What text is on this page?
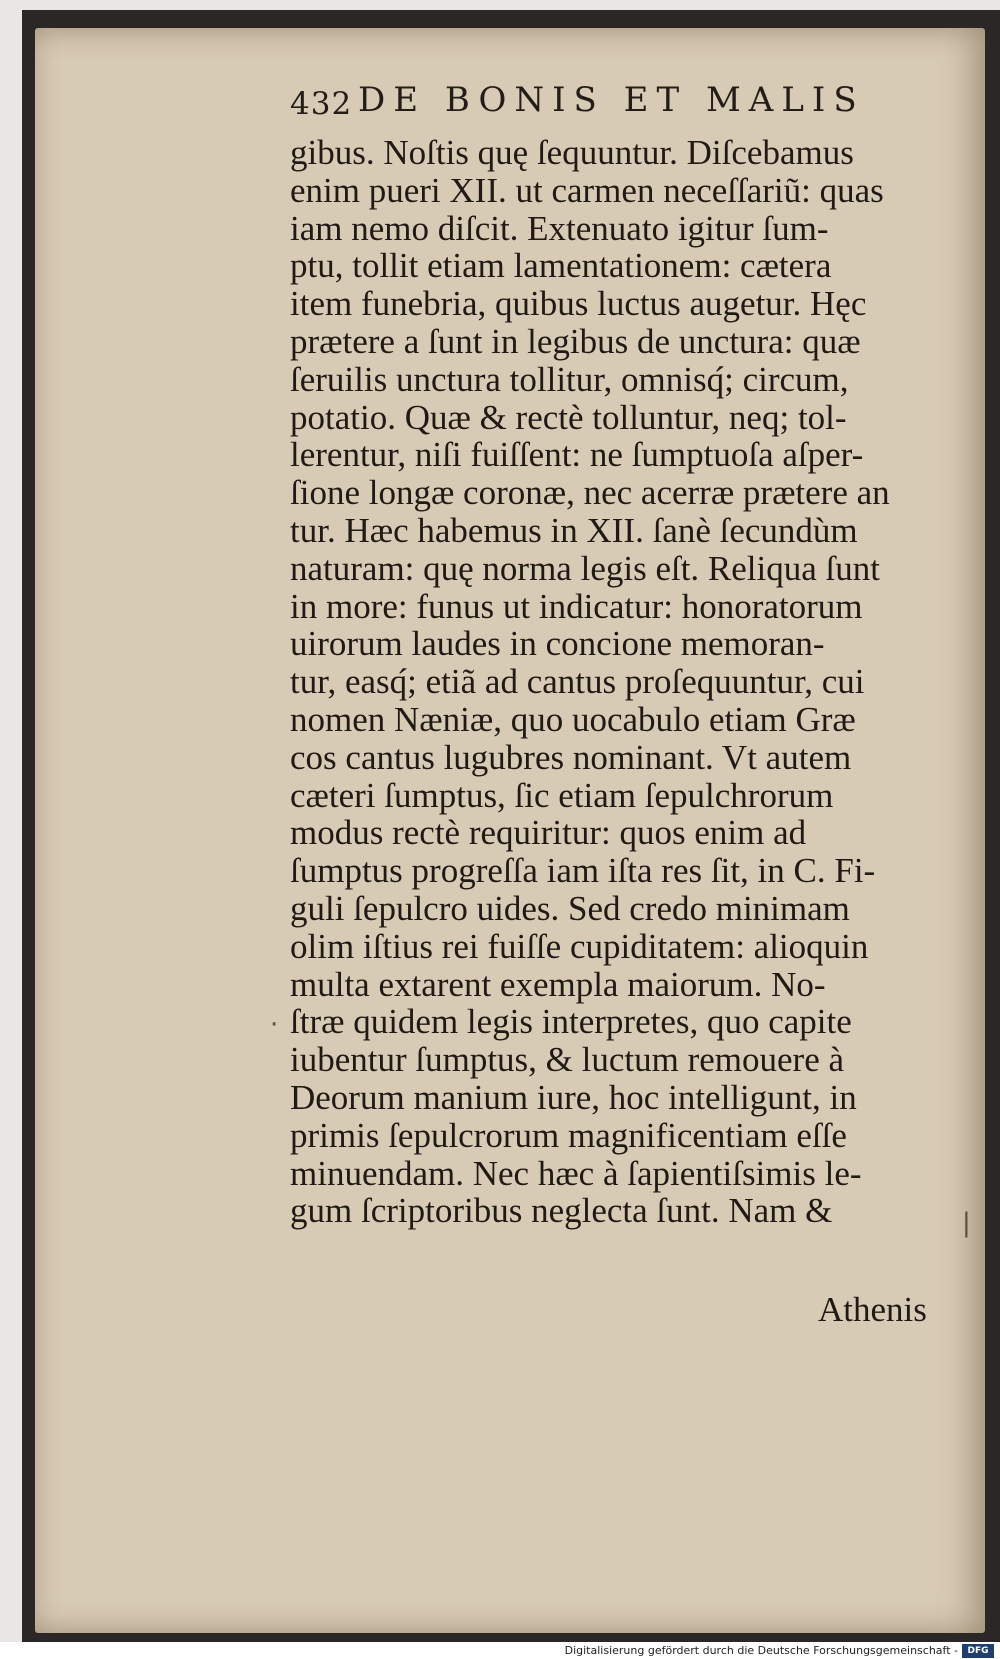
432 DE BONIS ET MALIS
gibus. Noſtis quę ſequuntur. Diſcebamus
enim pueri XII. ut carmen neceſſariũ: quas
iam nemo diſcit. Extenuato igitur ſum-
ptu, tollit etiam lamentationem: cætera
item funebria, quibus luctus augetur. Hęc
prætere a ſunt in legibus de unctura: quæ
ſeruilis unctura tollitur, omnisq́; circum,
potatio. Quæ & rectè tolluntur, neq; tol-
lerentur, niſi fuiſſent: ne ſumptuoſa aſper-
ſione longæ coronæ, nec acerræ prætere an
tur. Hæc habemus in XII. ſanè ſecundùm
naturam: quę norma legis eſt. Reliqua ſunt
in more: funus ut indicatur: honoratorum
uirorum laudes in concione memoran-
tur, easq́; etiã ad cantus proſequuntur, cui
nomen Næniæ, quo uocabulo etiam Græ
cos cantus lugubres nominant. Vt autem
cæteri ſumptus, ſic etiam ſepulchrorum
modus rectè requiritur: quos enim ad
ſumptus progreſſa iam iſta res ſit, in C. Fi-
guli ſepulcro uides. Sed credo minimam
olim iſtius rei fuiſſe cupiditatem: alioquin
multa extarent exempla maiorum. No-
ſtræ quidem legis interpretes, quo capite
iubentur ſumptus, & luctum remouere à
Deorum manium iure, hoc intelligunt, in
primis ſepulcrorum magnificentiam eſſe
minuendam. Nec hæc à ſapientiſsimis le-
gum ſcriptoribus neglecta ſunt. Nam &
Athenis
·
|
Digitalisierung gefördert durch die Deutsche Forschungsgemeinschaft -	DFG
